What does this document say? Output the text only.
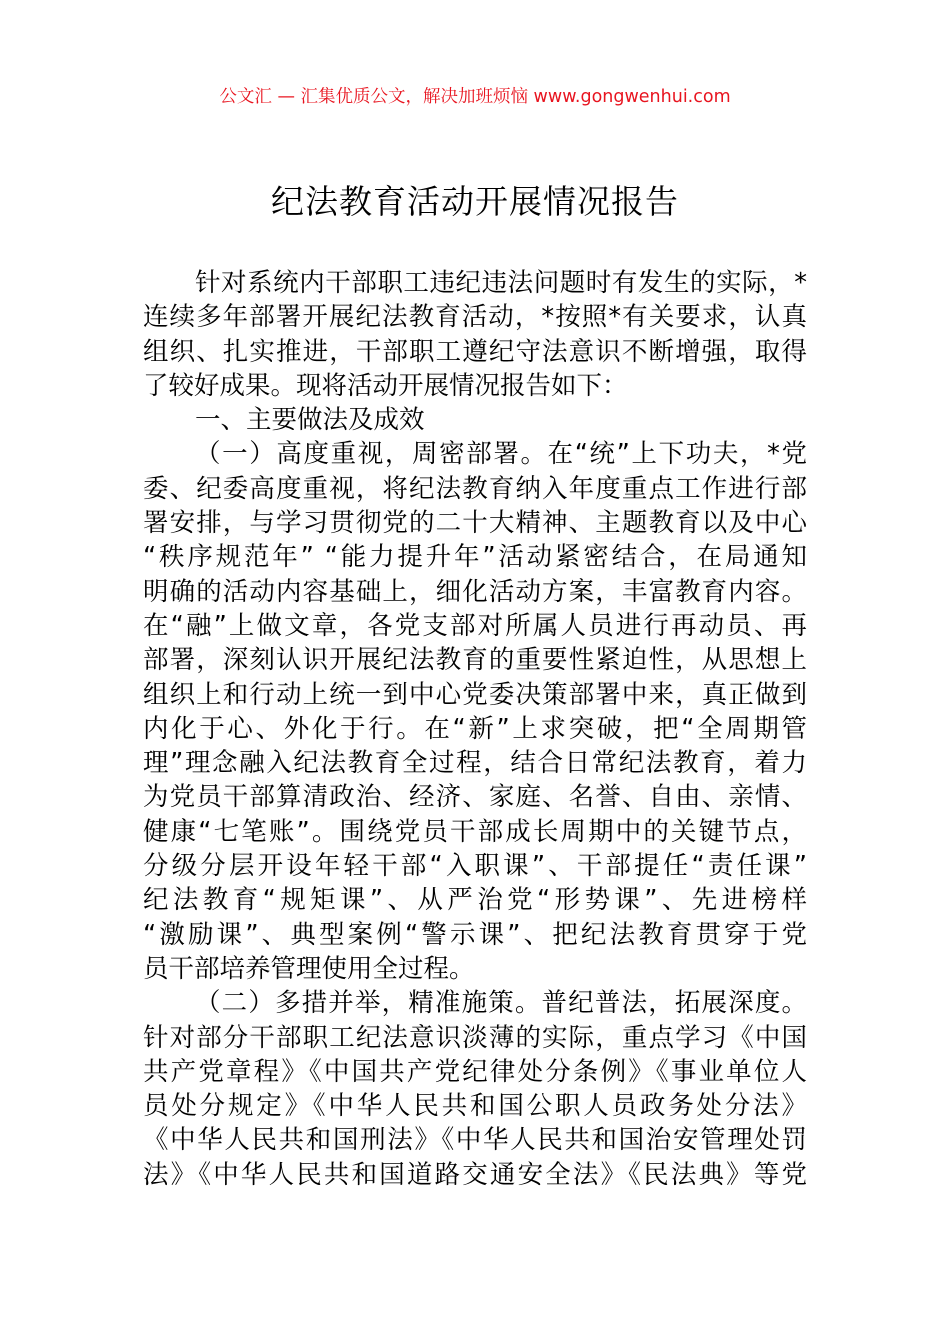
公文汇 — 汇集优质公文，解决加班烦恼 www.gongwenhui.com
纪法教育活动开展情况报告
针对系统内干部职工违纪违法问题时有发生的实际，*
连续多年部署开展纪法教育活动，*按照*有关要求，认真
组织、扎实推进，干部职工遵纪守法意识不断增强，取得
了较好成果。现将活动开展情况报告如下：
一、主要做法及成效
（一）高度重视，周密部署。在“统”上下功夫，*党
委、纪委高度重视，将纪法教育纳入年度重点工作进行部
署安排，与学习贯彻党的二十大精神、主题教育以及中心
“秩序规范年” “能力提升年”活动紧密结合，在局通知
明确的活动内容基础上，细化活动方案，丰富教育内容。
在“融”上做文章，各党支部对所属人员进行再动员、再
部署，深刻认识开展纪法教育的重要性紧迫性，从思想上
组织上和行动上统一到中心党委决策部署中来，真正做到
内化于心、外化于行。在“新”上求突破，把“全周期管
理”理念融入纪法教育全过程，结合日常纪法教育，着力
为党员干部算清政治、经济、家庭、名誉、自由、亲情、
健康“七笔账”。围绕党员干部成长周期中的关键节点，
分级分层开设年轻干部“入职课”、干部提任“责任课”
纪法教育“规矩课”、从严治党“形势课”、先进榜样
“激励课”、典型案例“警示课”、把纪法教育贯穿于党
员干部培养管理使用全过程。
（二）多措并举，精准施策。普纪普法，拓展深度。
针对部分干部职工纪法意识淡薄的实际，重点学习《中国
共产党章程》《中国共产党纪律处分条例》《事业单位人
员处分规定》《中华人民共和国公职人员政务处分法》
《中华人民共和国刑法》《中华人民共和国治安管理处罚
法》《中华人民共和国道路交通安全法》《民法典》等党
